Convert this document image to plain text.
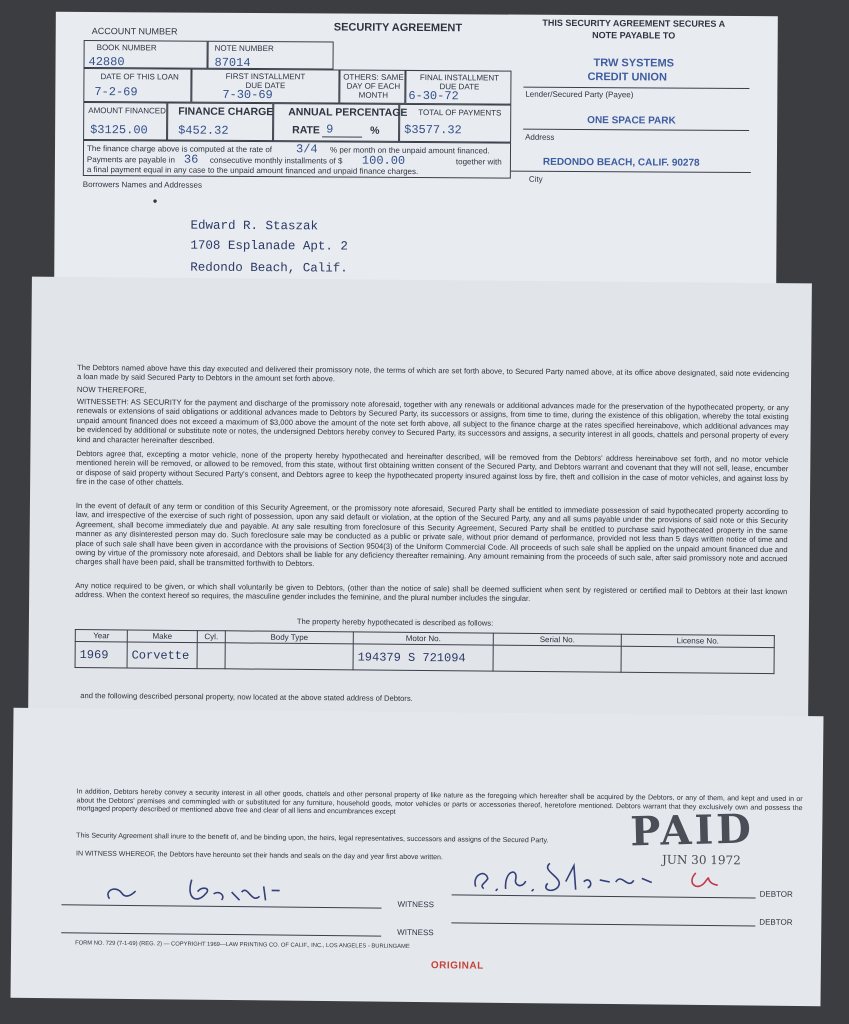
ACCOUNT NUMBER	SECURITY AGREEMENT	THIS SECURITY AGREEMENT SECURES A NOTE PAYABLE TO
BOOK NUMBER
42880
NOTE NUMBER
87014
DATE OF THIS LOAN
7-2-69
FIRST INSTALLMENT DUE DATE
7-30-69
OTHERS: SAME DAY OF EACH MONTH
FINAL INSTALLMENT DUE DATE
6-30-72
AMOUNT FINANCED
$3125.00
FINANCE CHARGE
$452.32
ANNUAL PERCENTAGE
RATE 9	%
TOTAL OF PAYMENTS
$3577.32
The finance charge above is computed at the rate of 3/4 % per month on the unpaid amount financed.
Payments are payable in 36 consecutive monthly installments of $ 100.00	together with
a final payment equal in any case to the unpaid amount financed and unpaid finance charges.
Borrowers Names and Addresses
TRW SYSTEMS
CREDIT UNION
Lender/Secured Party (Payee)
ONE SPACE PARK
Address
REDONDO BEACH, CALIF. 90278
City
●
Edward R. Staszak
1708 Esplanade Apt. 2
Redondo Beach, Calif.

The Debtors named above have this day executed and delivered their promissory note, the terms of which are set forth above, to Secured Party named above, at its office above designated, said note evidencing a loan made by said Secured Party to Debtors in the amount set forth above.

NOW THEREFORE,

WITNESSETH: AS SECURITY for the payment and discharge of the promissory note aforesaid, together with any renewals or additional advances made for the preservation of the hypothecated property, or any renewals or extensions of said obligations or additional advances made to Debtors by Secured Party, its successors or assigns, from time to time, during the existence of this obligation, whereby the total existing unpaid amount financed does not exceed a maximum of $3,000 above the amount of the note set forth above, all subject to the finance charge at the rates specified hereinabove, which additional advances may be evidenced by additional or substitute note or notes, the undersigned Debtors hereby convey to Secured Party, its successors and assigns, a security interest in all goods, chattels and personal property of every kind and character hereinafter described.

Debtors agree that, excepting a motor vehicle, none of the property hereby hypothecated and hereinafter described, will be removed from the Debtors' address hereinabove set forth, and no motor vehicle mentioned herein will be removed, or allowed to be removed, from this state, without first obtaining written consent of the Secured Party, and Debtors warrant and covenant that they will not sell, lease, encumber or dispose of said property without Secured Party's consent, and Debtors agree to keep the hypothecated property insured against loss by fire, theft and collision in the case of motor vehicles, and against loss by fire in the case of other chattels.

In the event of default of any term or condition of this Security Agreement, or the promissory note aforesaid, Secured Party shall be entitled to immediate possession of said hypothecated property according to law, and irrespective of the exercise of such right of possession, upon any said default or violation, at the option of the Secured Party, any and all sums payable under the provisions of said note or this Security Agreement, shall become immediately due and payable. At any sale resulting from foreclosure of this Security Agreement, Secured Party shall be entitled to purchase said hypothecated property in the same manner as any disinterested person may do. Such foreclosure sale may be conducted as a public or private sale, without prior demand of performance, provided not less than 5 days written notice of time and place of such sale shall have been given in accordance with the provisions of Section 9504(3) of the Uniform Commercial Code. All proceeds of such sale shall be applied on the unpaid amount financed due and owing by virtue of the promissory note aforesaid, and Debtors shall be liable for any deficiency thereafter remaining. Any amount remaining from the proceeds of such sale, after said promissory note and accrued charges shall have been paid, shall be transmitted forthwith to Debtors.

Any notice required to be given, or which shall voluntarily be given to Debtors, (other than the notice of sale) shall be deemed sufficient when sent by registered or certified mail to Debtors at their last known address. When the context hereof so requires, the masculine gender includes the feminine, and the plural number includes the singular.

The property hereby hypothecated is described as follows:

Year	Make	Cyl.	Body Type	Motor No.	Serial No.	License No.
1969	Corvette			194379 S 721094		

and the following described personal property, now located at the above stated address of Debtors.

In addition, Debtors hereby convey a security interest in all other goods, chattels and other personal property of like nature as the foregoing which hereafter shall be acquired by the Debtors, or any of them, and kept and used in or about the Debtors' premises and commingled with or substituted for any furniture, household goods, motor vehicles or parts or accessories thereof, heretofore mentioned. Debtors warrant that they exclusively own and possess the mortgaged property described or mentioned above free and clear of all liens and encumbrances except

This Security Agreement shall inure to the benefit of, and be binding upon, the heirs, legal representatives, successors and assigns of the Secured Party.

IN WITNESS WHEREOF, the Debtors have hereunto set their hands and seals on the day and year first above written.

PAID
JUN 30 1972
WITNESS
DEBTOR
WITNESS
DEBTOR
FORM NO. 729 (7-1-69) (REG. 2) — COPYRIGHT 1969—LAW PRINTING CO. OF CALIF., INC., LOS ANGELES - BURLINGAME
ORIGINAL
